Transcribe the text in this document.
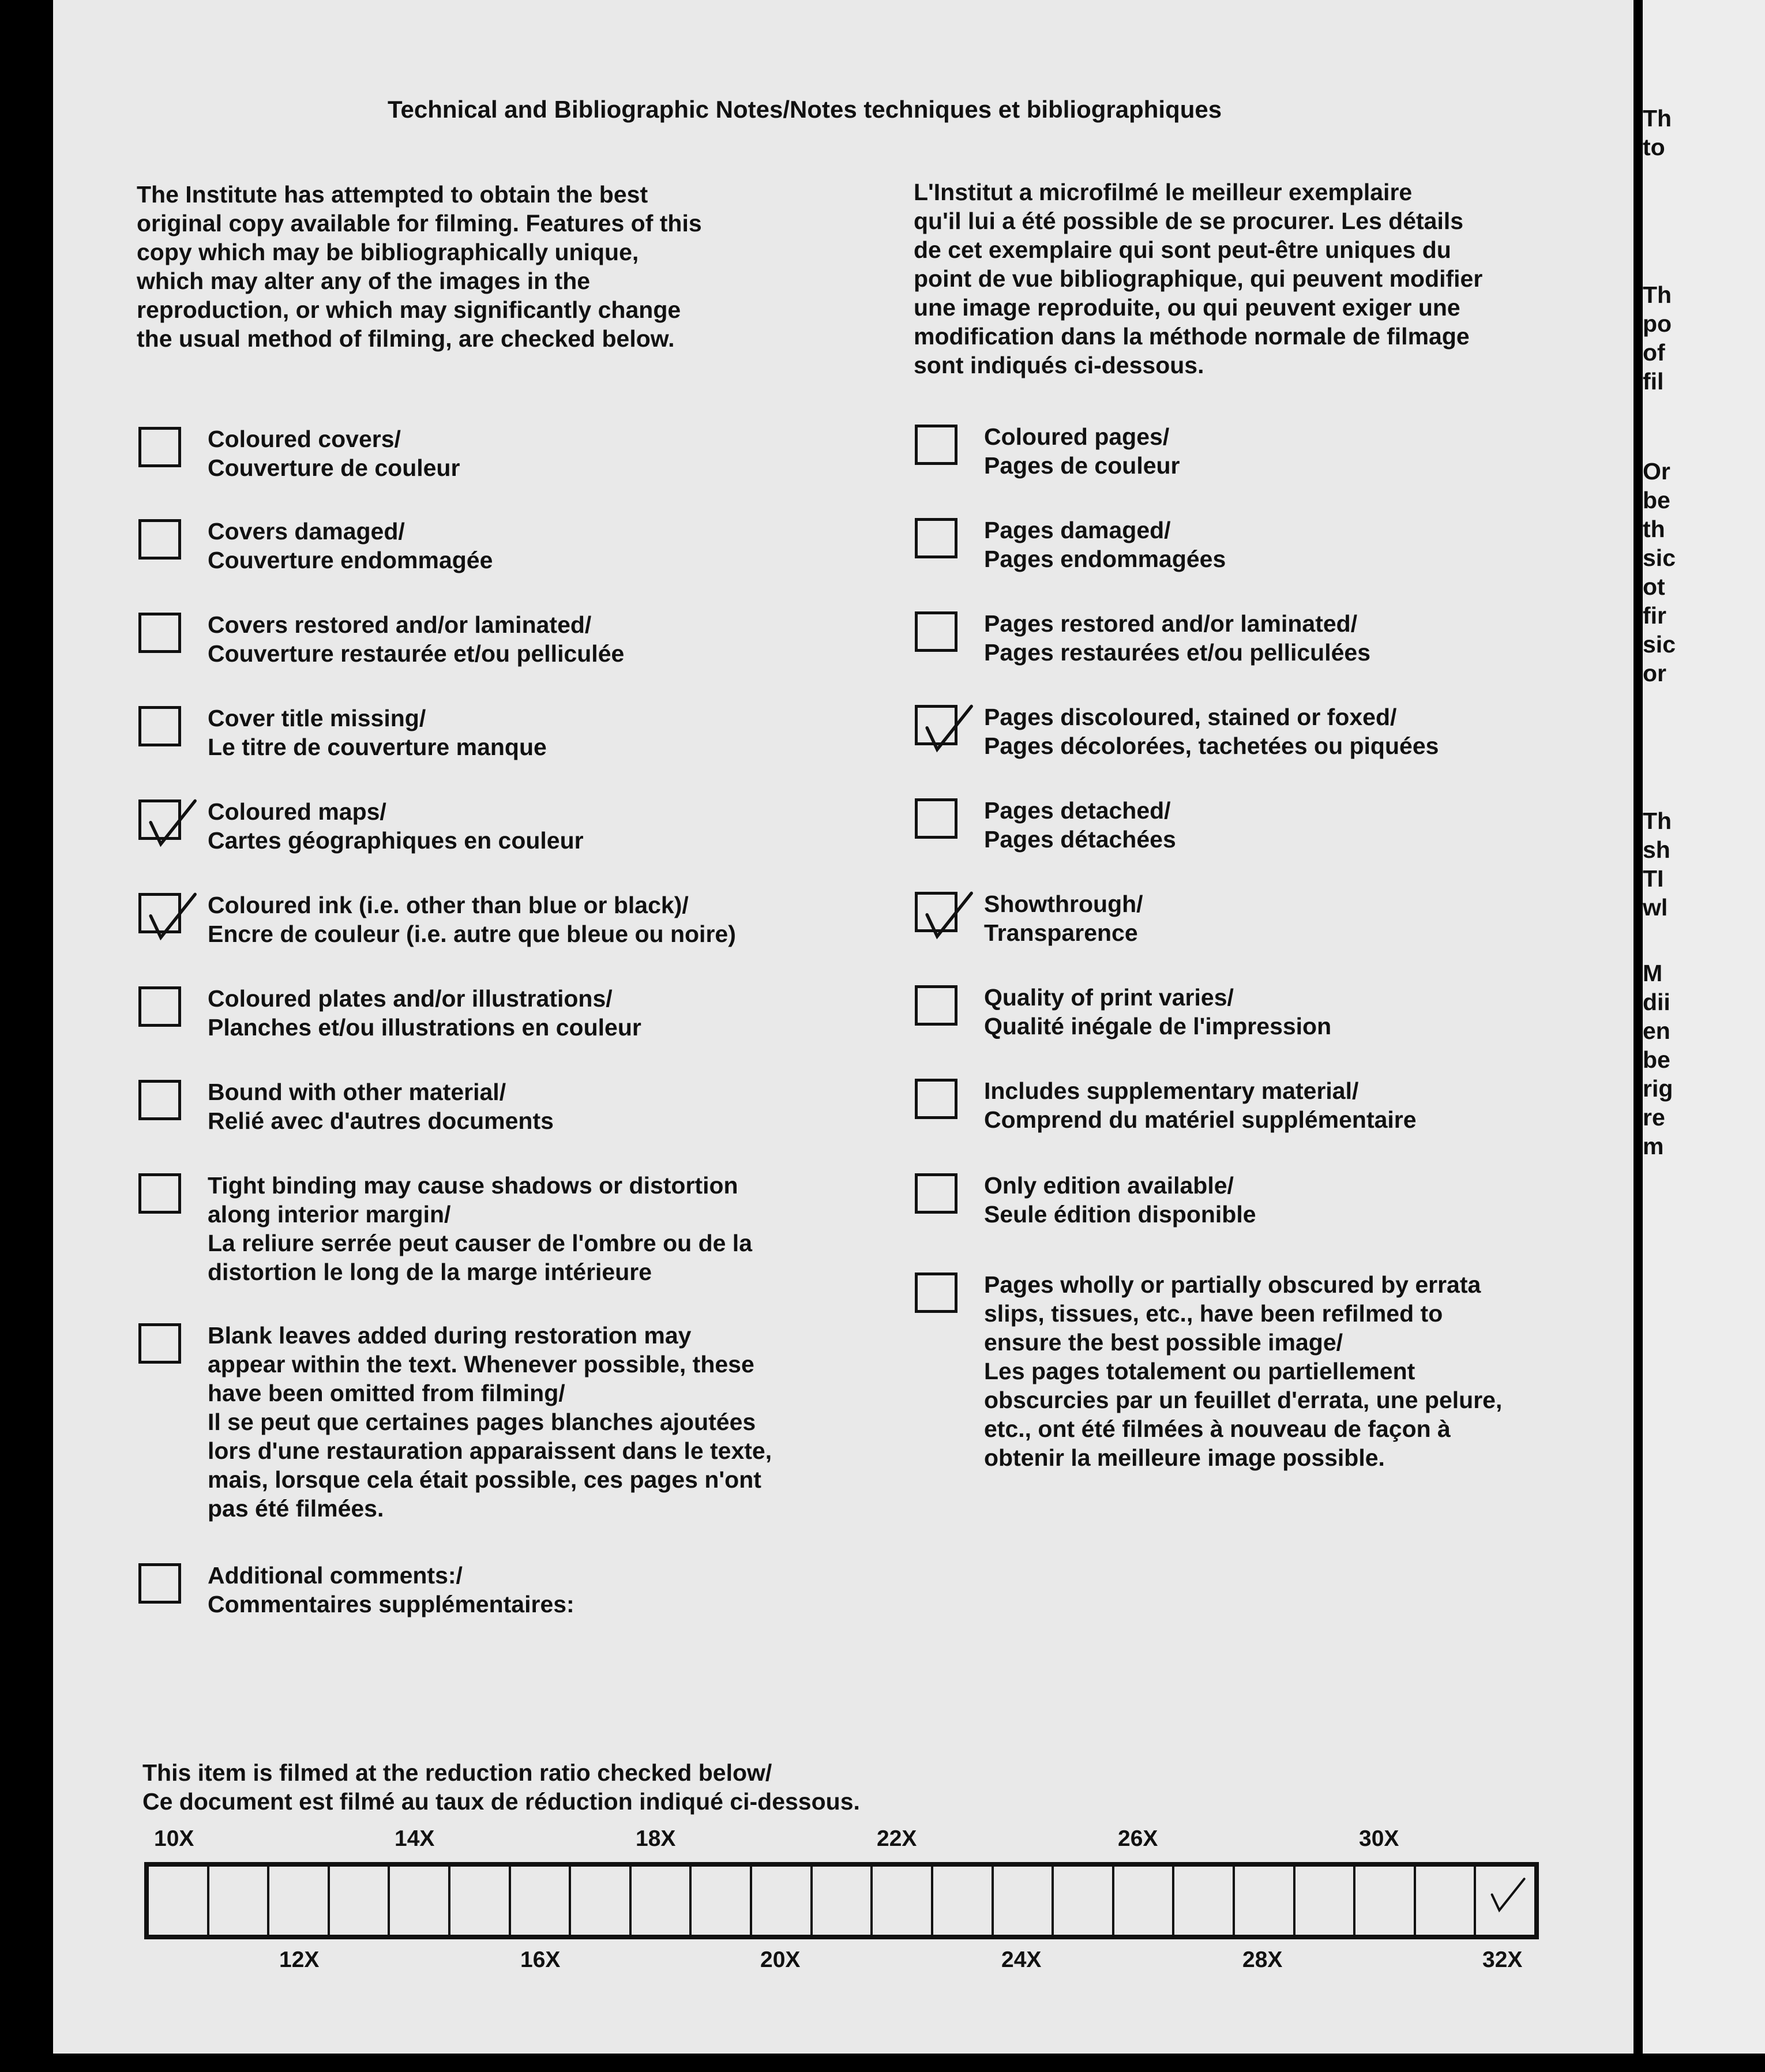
Technical and Bibliographic Notes/Notes techniques et bibliographiques
The Institute has attempted to obtain the best
original copy available for filming. Features of this
copy which may be bibliographically unique,
which may alter any of the images in the
reproduction, or which may significantly change
the usual method of filming, are checked below.
L'Institut a microfilmé le meilleur exemplaire
qu'il lui a été possible de se procurer. Les détails
de cet exemplaire qui sont peut-être uniques du
point de vue bibliographique, qui peuvent modifier
une image reproduite, ou qui peuvent exiger une
modification dans la méthode normale de filmage
sont indiqués ci-dessous.
Coloured covers/
Couverture de couleur
Covers damaged/
Couverture endommagée
Covers restored and/or laminated/
Couverture restaurée et/ou pelliculée
Cover title missing/
Le titre de couverture manque
Coloured maps/
Cartes géographiques en couleur
Coloured ink (i.e. other than blue or black)/
Encre de couleur (i.e. autre que bleue ou noire)
Coloured plates and/or illustrations/
Planches et/ou illustrations en couleur
Bound with other material/
Relié avec d'autres documents
Tight binding may cause shadows or distortion
along interior margin/
La reliure serrée peut causer de l'ombre ou de la
distortion le long de la marge intérieure
Blank leaves added during restoration may
appear within the text. Whenever possible, these
have been omitted from filming/
Il se peut que certaines pages blanches ajoutées
lors d'une restauration apparaissent dans le texte,
mais, lorsque cela était possible, ces pages n'ont
pas été filmées.
Additional comments:/
Commentaires supplémentaires:
Coloured pages/
Pages de couleur
Pages damaged/
Pages endommagées
Pages restored and/or laminated/
Pages restaurées et/ou pelliculées
Pages discoloured, stained or foxed/
Pages décolorées, tachetées ou piquées
Pages detached/
Pages détachées
Showthrough/
Transparence
Quality of print varies/
Qualité inégale de l'impression
Includes supplementary material/
Comprend du matériel supplémentaire
Only edition available/
Seule édition disponible
Pages wholly or partially obscured by errata
slips, tissues, etc., have been refilmed to
ensure the best possible image/
Les pages totalement ou partiellement
obscurcies par un feuillet d'errata, une pelure,
etc., ont été filmées à nouveau de façon à
obtenir la meilleure image possible.
This item is filmed at the reduction ratio checked below/
Ce document est filmé au taux de réduction indiqué ci-dessous.
10X	14X	18X	22X	26X	30X
12X	16X	20X	24X	28X	32X
Th
to
Th
po
of
fil
Or
be
th
sic
ot
fir
sic
or
Th
sh
TI
wl
M
dii
en
be
rig
re
m
